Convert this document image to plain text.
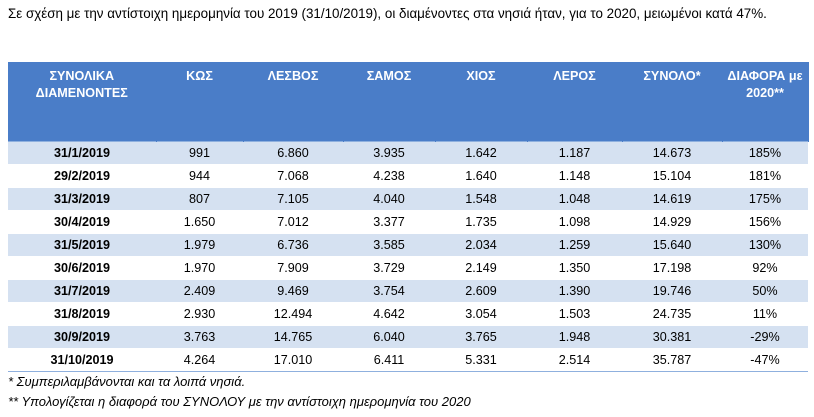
Σε σχέση με την αντίστοιχη ημερομηνία του 2019 (31/10/2019), οι διαμένοντες στα νησιά ήταν, για το 2020, μειωμένοι κατά 47%.
ΣΥΝΟΛΙΚΑ ΔΙΑΜΕΝΟΝΤΕΣ	ΚΩΣ	ΛΕΣΒΟΣ	ΣΑΜΟΣ	ΧΙΟΣ	ΛΕΡΟΣ	ΣΥΝΟΛΟ*	ΔΙΑΦΟΡΑ με 2020**
31/1/2019	991	6.860	3.935	1.642	1.187	14.673	185%
29/2/2019	944	7.068	4.238	1.640	1.148	15.104	181%
31/3/2019	807	7.105	4.040	1.548	1.048	14.619	175%
30/4/2019	1.650	7.012	3.377	1.735	1.098	14.929	156%
31/5/2019	1.979	6.736	3.585	2.034	1.259	15.640	130%
30/6/2019	1.970	7.909	3.729	2.149	1.350	17.198	92%
31/7/2019	2.409	9.469	3.754	2.609	1.390	19.746	50%
31/8/2019	2.930	12.494	4.642	3.054	1.503	24.735	11%
30/9/2019	3.763	14.765	6.040	3.765	1.948	30.381	-29%
31/10/2019	4.264	17.010	6.411	5.331	2.514	35.787	-47%
* Συμπεριλαμβάνονται και τα λοιπά νησιά.
** Υπολογίζεται η διαφορά του ΣΥΝΟΛΟΥ με την αντίστοιχη ημερομηνία του 2020
